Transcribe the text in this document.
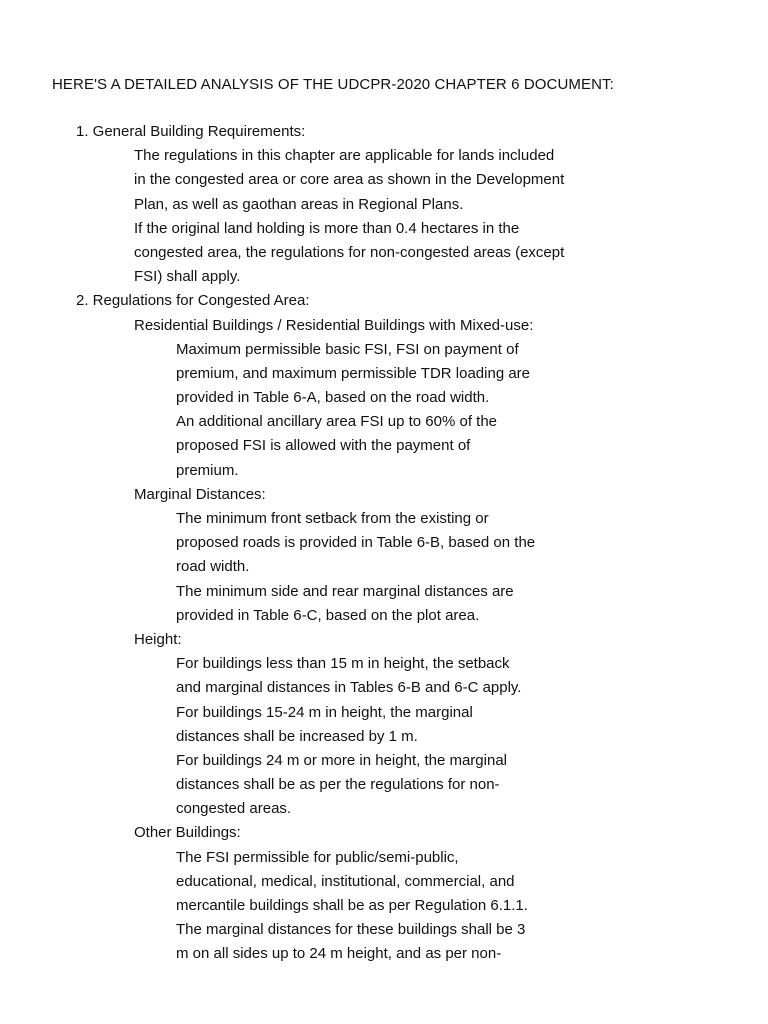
HERE'S A DETAILED ANALYSIS OF THE UDCPR-2020 CHAPTER 6 DOCUMENT:
1. General Building Requirements:
The regulations in this chapter are applicable for lands included
in the congested area or core area as shown in the Development
Plan, as well as gaothan areas in Regional Plans.
If the original land holding is more than 0.4 hectares in the
congested area, the regulations for non-congested areas (except
FSI) shall apply.
2. Regulations for Congested Area:
Residential Buildings / Residential Buildings with Mixed-use:
Maximum permissible basic FSI, FSI on payment of
premium, and maximum permissible TDR loading are
provided in Table 6-A, based on the road width.
An additional ancillary area FSI up to 60% of the
proposed FSI is allowed with the payment of
premium.
Marginal Distances:
The minimum front setback from the existing or
proposed roads is provided in Table 6-B, based on the
road width.
The minimum side and rear marginal distances are
provided in Table 6-C, based on the plot area.
Height:
For buildings less than 15 m in height, the setback
and marginal distances in Tables 6-B and 6-C apply.
For buildings 15-24 m in height, the marginal
distances shall be increased by 1 m.
For buildings 24 m or more in height, the marginal
distances shall be as per the regulations for non-
congested areas.
Other Buildings:
The FSI permissible for public/semi-public,
educational, medical, institutional, commercial, and
mercantile buildings shall be as per Regulation 6.1.1.
The marginal distances for these buildings shall be 3
m on all sides up to 24 m height, and as per non-
